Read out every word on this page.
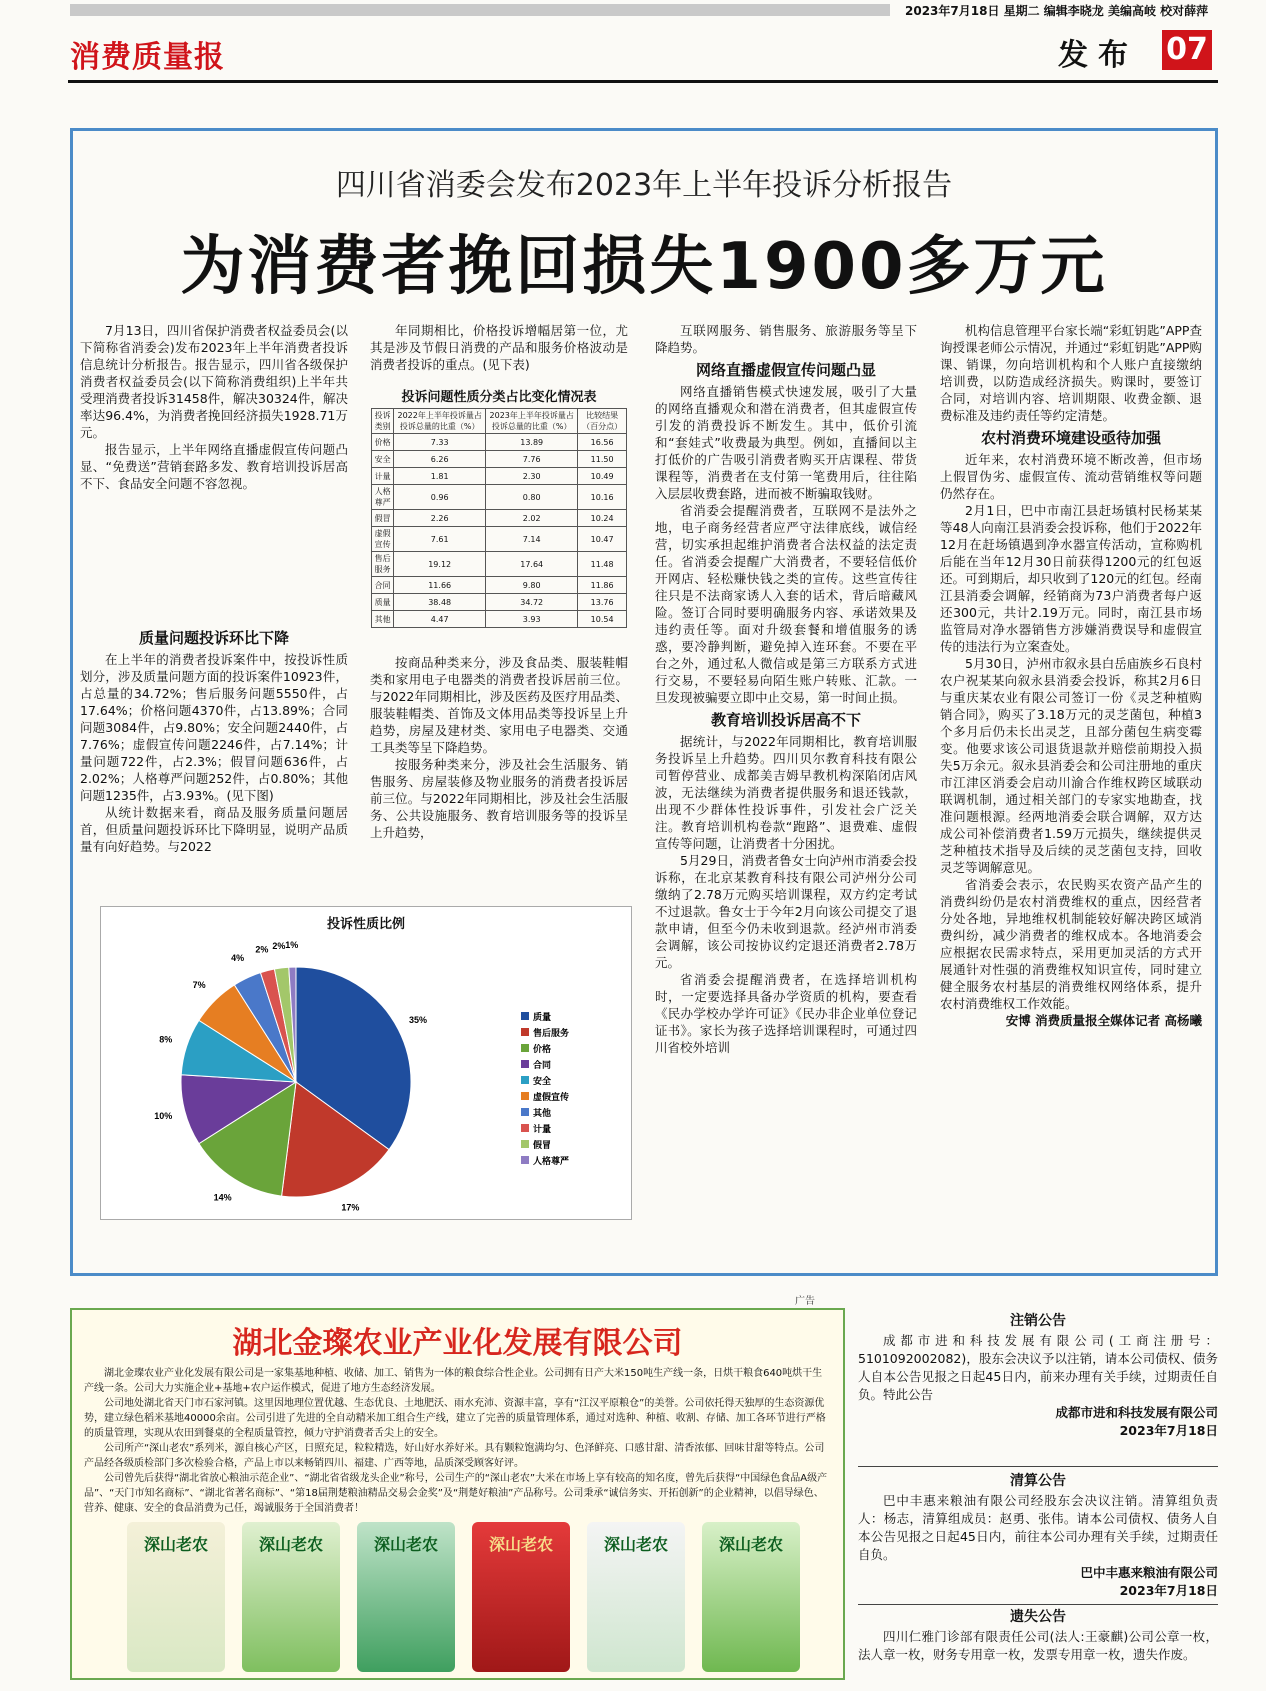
2023年7月18日 星期二 编辑李晓龙 美编高岐 校对薛萍
消费质量报	发布 07
四川省消委会发布2023年上半年投诉分析报告
为消费者挽回损失1900多万元

7月13日，四川省保护消费者权益委员会(以下简称省消委会)发布2023年上半年消费者投诉信息统计分析报告。报告显示，四川省各级保护消费者权益委员会(以下简称消费组织)上半年共受理消费者投诉31458件，解决30324件，解决率达96.4%，为消费者挽回经济损失1928.71万元。

报告显示，上半年网络直播虚假宣传问题凸显、“免费送”营销套路多发、教育培训投诉居高不下、食品安全问题不容忽视。

质量问题投诉环比下降

在上半年的消费者投诉案件中，按投诉性质划分，涉及质量问题方面的投诉案件10923件，占总量的34.72%；售后服务问题5550件，占17.64%；价格问题4370件，占13.89%；合同问题3084件，占9.80%；安全问题2440件，占7.76%；虚假宣传问题2246件，占7.14%；计量问题722件，占2.3%；假冒问题636件，占2.02%；人格尊严问题252件，占0.80%；其他问题1235件，占3.93%。(见下图)

从统计数据来看，商品及服务质量问题居首，但质量问题投诉环比下降明显，说明产品质量有向好趋势。与2022

年同期相比，价格投诉增幅居第一位，尤其是涉及节假日消费的产品和服务价格波动是消费者投诉的重点。(见下表)

投诉问题性质分类占比变化情况表
投诉类别	2022年上半年投诉量占投诉总量的比重（%）	2023年上半年投诉量占投诉总量的比重（%）	比较结果（百分点）
价格	7.33	13.89	16.56
安全	6.26	7.76	11.50
计量	1.81	2.30	10.49
人格尊严	0.96	0.80	10.16
假冒	2.26	2.02	10.24
虚假宣传	7.61	7.14	10.47
售后服务	19.12	17.64	11.48
合同	11.66	9.80	11.86
质量	38.48	34.72	13.76
其他	4.47	3.93	10.54

按商品种类来分，涉及食品类、服装鞋帽类和家用电子电器类的消费者投诉居前三位。与2022年同期相比，涉及医药及医疗用品类、服装鞋帽类、首饰及文体用品类等投诉呈上升趋势，房屋及建材类、家用电子电器类、交通工具类等呈下降趋势。

按服务种类来分，涉及社会生活服务、销售服务、房屋装修及物业服务的消费者投诉居前三位。与2022年同期相比，涉及社会生活服务、公共设施服务、教育培训服务等的投诉呈上升趋势，

投诉性质比例
35%
17%
14%
10%
8%
7%
4%
2% 2% 1%
质量
售后服务
价格
合同
安全
虚假宣传
其他
计量
假冒
人格尊严

互联网服务、销售服务、旅游服务等呈下降趋势。

网络直播虚假宣传问题凸显

网络直播销售模式快速发展，吸引了大量的网络直播观众和潜在消费者，但其虚假宣传引发的消费投诉不断发生。其中，低价引流和“套娃式”收费最为典型。例如，直播间以主打低价的广告吸引消费者购买开店课程、带货课程等，消费者在支付第一笔费用后，往往陷入层层收费套路，进而被不断骗取钱财。

省消委会提醒消费者，互联网不是法外之地，电子商务经营者应严守法律底线，诚信经营，切实承担起维护消费者合法权益的法定责任。省消委会提醒广大消费者，不要轻信低价开网店、轻松赚快钱之类的宣传。这些宣传往往只是不法商家诱人入套的话术，背后暗藏风险。签订合同时要明确服务内容、承诺效果及违约责任等。面对升级套餐和增值服务的诱惑，要冷静判断，避免掉入连环套。不要在平台之外，通过私人微信或是第三方联系方式进行交易，不要轻易向陌生账户转账、汇款。一旦发现被骗要立即中止交易，第一时间止损。

教育培训投诉居高不下

据统计，与2022年同期相比，教育培训服务投诉呈上升趋势。四川贝尔教育科技有限公司暂停营业、成都美吉姆早教机构深陷闭店风波，无法继续为消费者提供服务和退还钱款，出现不少群体性投诉事件，引发社会广泛关注。教育培训机构卷款“跑路”、退费难、虚假宣传等问题，让消费者十分困扰。

5月29日，消费者鲁女士向泸州市消委会投诉称，在北京某教育科技有限公司泸州分公司缴纳了2.78万元购买培训课程，双方约定考试不过退款。鲁女士于今年2月向该公司提交了退款申请，但至今仍未收到退款。经泸州市消委会调解，该公司按协议约定退还消费者2.78万元。

省消委会提醒消费者，在选择培训机构时，一定要选择具备办学资质的机构，要查看《民办学校办学许可证》《民办非企业单位登记证书》。家长为孩子选择培训课程时，可通过四川省校外培训

机构信息管理平台家长端“彩虹钥匙”APP查询授课老师公示情况，并通过“彩虹钥匙”APP购课、销课，勿向培训机构和个人账户直接缴纳培训费，以防造成经济损失。购课时，要签订合同，对培训内容、培训期限、收费金额、退费标准及违约责任等约定清楚。

农村消费环境建设亟待加强

近年来，农村消费环境不断改善，但市场上假冒伪劣、虚假宣传、流动营销维权等问题仍然存在。

2月1日，巴中市南江县赶场镇村民杨某某等48人向南江县消委会投诉称，他们于2022年12月在赶场镇遇到净水器宣传活动，宣称购机后能在当年12月30日前获得1200元的红包返还。可到期后，却只收到了120元的红包。经南江县消委会调解，经销商为73户消费者每户返还300元，共计2.19万元。同时，南江县市场监管局对净水器销售方涉嫌消费误导和虚假宣传的违法行为立案查处。

5月30日，泸州市叙永县白岳庙族乡石良村农户祝某某向叙永县消委会投诉，称其2月6日与重庆某农业有限公司签订一份《灵芝种植购销合同》，购买了3.18万元的灵芝菌包，种植3个多月后仍未长出灵芝，且部分菌包生病变霉变。他要求该公司退货退款并赔偿前期投入损失5万余元。叙永县消委会和公司注册地的重庆市江津区消委会启动川渝合作维权跨区域联动联调机制，通过相关部门的专家实地勘查，找准问题根源。经两地消委会联合调解，双方达成公司补偿消费者1.59万元损失，继续提供灵芝种植技术指导及后续的灵芝菌包支持，回收灵芝等调解意见。

省消委会表示，农民购买农资产品产生的消费纠纷仍是农村消费维权的重点，因经营者分处各地，异地维权机制能较好解决跨区域消费纠纷，减少消费者的维权成本。各地消委会应根据农民需求特点，采用更加灵活的方式开展通针对性强的消费维权知识宣传，同时建立健全服务农村基层的消费维权网络体系，提升农村消费维权工作效能。

安博 消费质量报全媒体记者 高杨曦
广告
湖北金璨农业产业化发展有限公司

湖北金璨农业产业化发展有限公司是一家集基地种植、收储、加工、销售为一体的粮食综合性企业。公司拥有日产大米150吨生产线一条，日烘干粮食640吨烘干生产线一条。公司大力实施企业+基地+农户运作模式，促进了地方生态经济发展。

公司地处湖北省天门市石家河镇。这里因地理位置优越、生态优良、土地肥沃、雨水充沛、资源丰富，享有“江汉平原粮仓”的美誉。公司依托得天独厚的生态资源优势，建立绿色稻米基地40000余亩。公司引进了先进的全自动精米加工组合生产线，建立了完善的质量管理体系，通过对选种、种植、收割、存储、加工各环节进行严格的质量管理，实现从农田到餐桌的全程质量管控，倾力守护消费者舌尖上的安全。

公司所产“深山老农”系列米，源自核心产区，日照充足，粒粒精选，好山好水养好米。具有颗粒饱满均匀、色泽鲜亮、口感甘甜、清香浓郁、回味甘甜等特点。公司产品经各级质检部门多次检验合格，产品上市以来畅销四川、福建、广西等地，品质深受顾客好评。

公司曾先后获得“湖北省放心粮油示范企业”、“湖北省省级龙头企业”称号，公司生产的“深山老农”大米在市场上享有较高的知名度，曾先后获得“中国绿色食品A级产品”、“天门市知名商标”、“湖北省著名商标”、“第18届荆楚粮油精品交易会金奖”及“荆楚好粮油”产品称号。公司秉承“诚信务实、开拓创新”的企业精神，以倡导绿色、营养、健康、安全的食品消费为己任，竭诚服务于全国消费者！

深山老农	深山老农	深山老农	深山老农	深山老农	深山老农
注销公告
成都市进和科技发展有限公司(工商注册号：5101092002082)，股东会决议予以注销，请本公司债权、债务人自本公告见报之日起45日内，前来办理有关手续，过期责任自负。特此公告
成都市进和科技发展有限公司
2023年7月18日
清算公告
巴中丰惠来粮油有限公司经股东会决议注销。清算组负责人：杨志，清算组成员：赵勇、张伟。请本公司债权、债务人自本公告见报之日起45日内，前往本公司办理有关手续，过期责任自负。
巴中丰惠来粮油有限公司
2023年7月18日
遗失公告
四川仁雅门诊部有限责任公司(法人:王豪麒)公司公章一枚，法人章一枚，财务专用章一枚，发票专用章一枚，遗失作废。
